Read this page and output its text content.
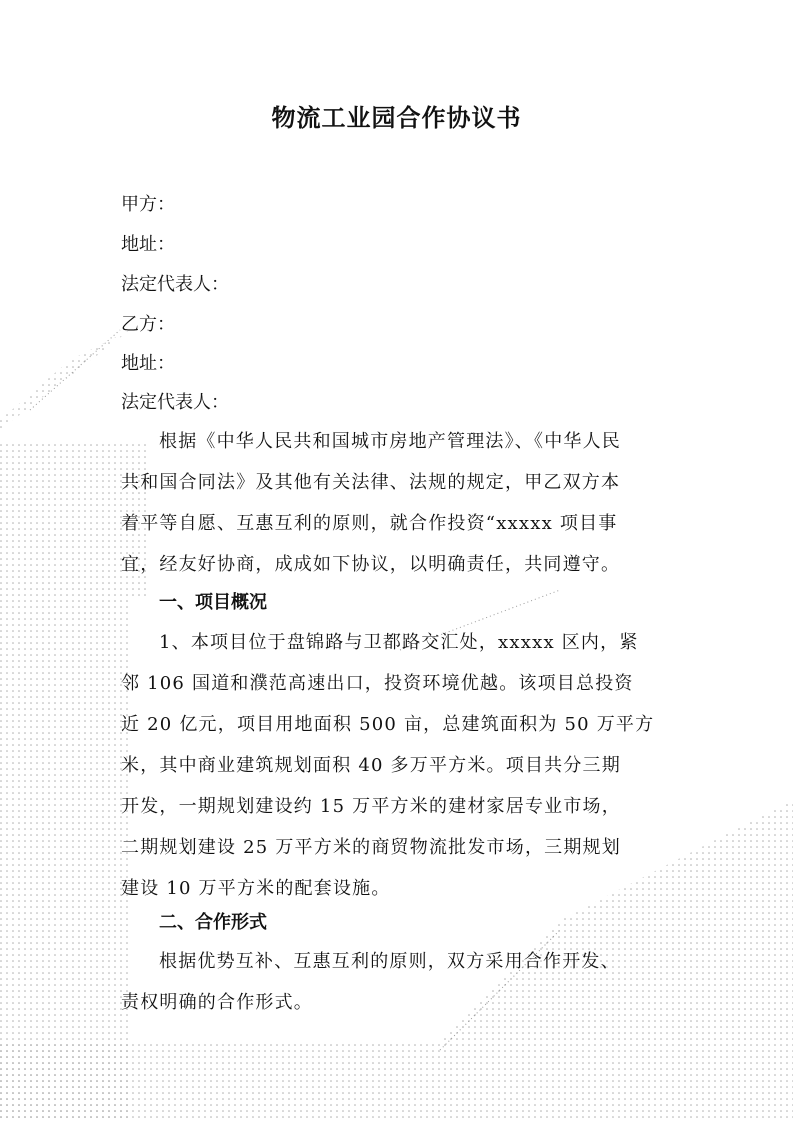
物流工业园合作协议书
甲方：
地址：
法定代表人：
乙方：
地址：
法定代表人：
根据《中华人民共和国城市房地产管理法》、《中华人民
共和国合同法》及其他有关法律、法规的规定，甲乙双方本
着平等自愿、互惠互利的原则，就合作投资“xxxxx 项目事
宜，经友好协商，成成如下协议，以明确责任，共同遵守。
一、项目概况
1、本项目位于盘锦路与卫都路交汇处，xxxxx 区内，紧
邻 106 国道和濮范高速出口，投资环境优越。该项目总投资
近 20 亿元，项目用地面积 500 亩，总建筑面积为 50 万平方
米，其中商业建筑规划面积 40 多万平方米。项目共分三期
开发，一期规划建设约 15 万平方米的建材家居专业市场，
二期规划建设 25 万平方米的商贸物流批发市场，三期规划
建设 10 万平方米的配套设施。
二、合作形式
根据优势互补、互惠互利的原则，双方采用合作开发、
责权明确的合作形式。
